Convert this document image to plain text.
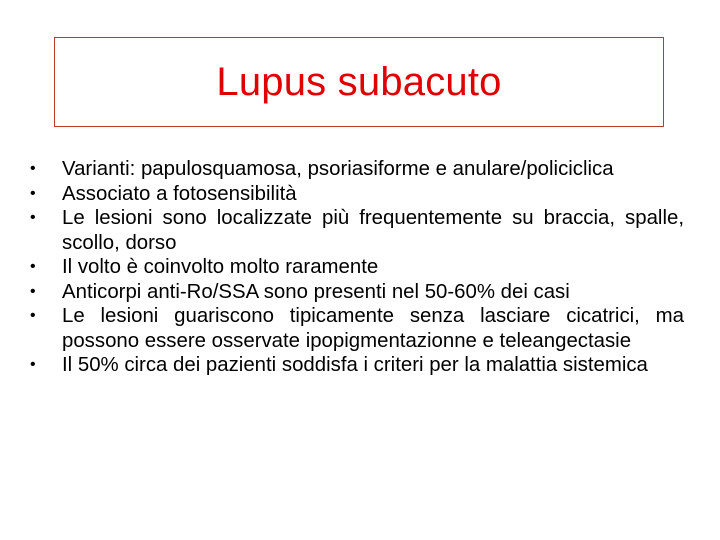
Lupus subacuto
•	Varianti: papulosquamosa, psoriasiforme e anulare/policiclica
•	Associato a fotosensibilità
•	Le lesioni sono localizzate più frequentemente su braccia, spalle, scollo, dorso
•	Il volto è coinvolto molto raramente
•	Anticorpi anti-Ro/SSA sono presenti nel 50-60% dei casi
•	Le lesioni guariscono tipicamente senza lasciare cicatrici, ma possono essere osservate ipopigmentazionne e teleangectasie
•	Il 50% circa dei pazienti soddisfa i criteri per la malattia sistemica
